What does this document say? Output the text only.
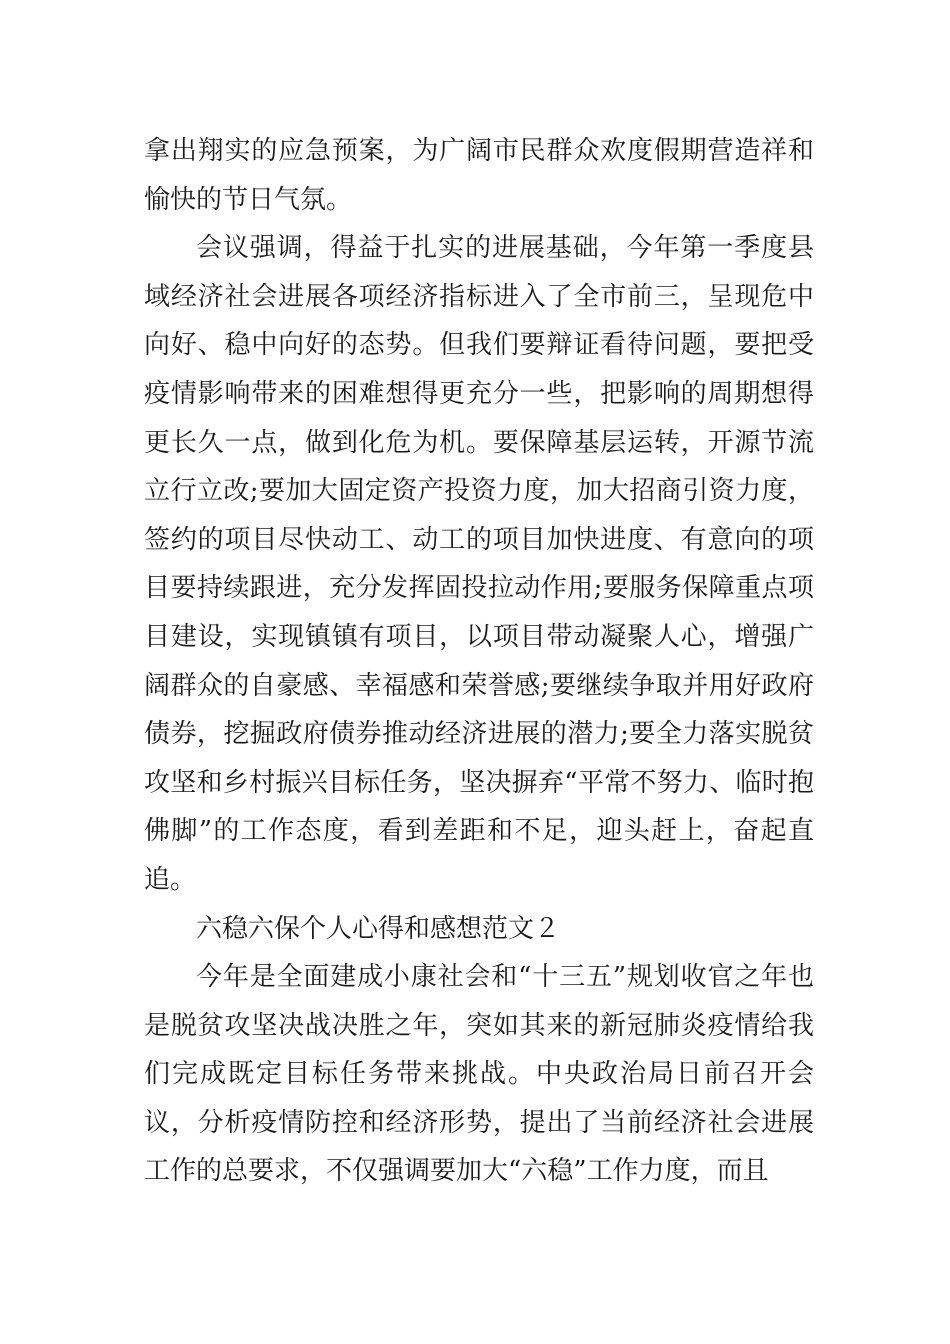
拿出翔实的应急预案，为广阔市民群众欢度假期营造祥和愉快的节日气氛。

会议强调，得益于扎实的进展基础，今年第一季度县域经济社会进展各项经济指标进入了全市前三，呈现危中向好、稳中向好的态势。但我们要辩证看待问题，要把受疫情影响带来的困难想得更充分一些，把影响的周期想得更长久一点，做到化危为机。要保障基层运转，开源节流立行立改;要加大固定资产投资力度，加大招商引资力度，签约的项目尽快动工、动工的项目加快进度、有意向的项目要持续跟进，充分发挥固投拉动作用;要服务保障重点项目建设，实现镇镇有项目，以项目带动凝聚人心，增强广阔群众的自豪感、幸福感和荣誉感;要继续争取并用好政府债券，挖掘政府债券推动经济进展的潜力;要全力落实脱贫攻坚和乡村振兴目标任务，坚决摒弃“平常不努力、临时抱佛脚”的工作态度，看到差距和不足，迎头赶上，奋起直追。

六稳六保个人心得和感想范文２

今年是全面建成小康社会和“十三五”规划收官之年也是脱贫攻坚决战决胜之年，突如其来的新冠肺炎疫情给我们完成既定目标任务带来挑战。中央政治局日前召开会议，分析疫情防控和经济形势，提出了当前经济社会进展工作的总要求，不仅强调要加大“六稳”工作力度，而且
